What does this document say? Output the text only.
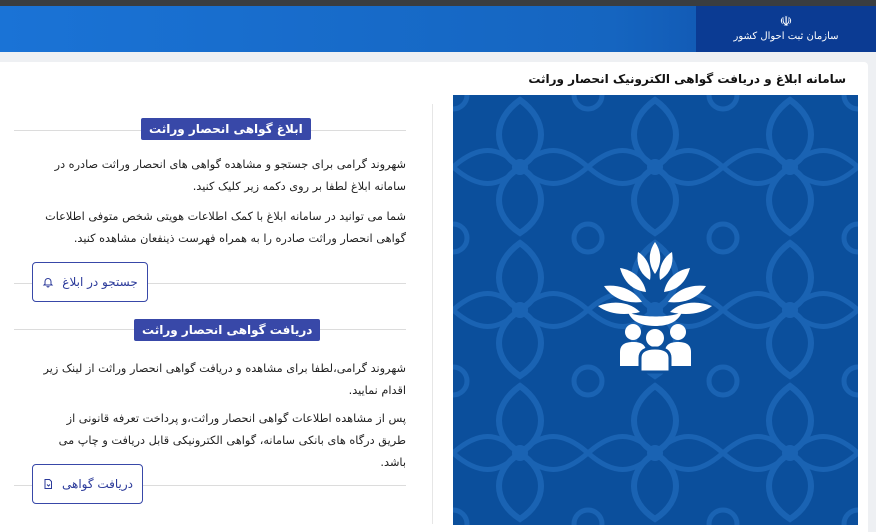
☫
سازمان ثبت احوال کشور
سامانه ابلاغ و دریافت گواهی الکترونیک انحصار وراثت
ابلاغ گواهی انحصار وراثت
شهروند گرامی برای جستجو و مشاهده گواهی های انحصار وراثت صادره در سامانه ابلاغ لطفا بر روی دکمه زیر کلیک کنید.
شما می توانید در سامانه ابلاغ با کمک اطلاعات هویتی شخص متوفی اطلاعات گواهی انحصار وراثت صادره را به همراه فهرست ذینفعان مشاهده کنید.
جستجو در ابلاغ
دریافت گواهی انحصار وراثت
شهروند گرامی،لطفا برای مشاهده و دریافت گواهی انحصار وراثت از لینک زیر اقدام نمایید.
پس از مشاهده اطلاعات گواهی انحصار وراثت،و پرداخت تعرفه قانونی از طریق درگاه های بانکی سامانه، گواهی الکترونیکی قابل دریافت و چاپ می باشد.
دریافت گواهی
